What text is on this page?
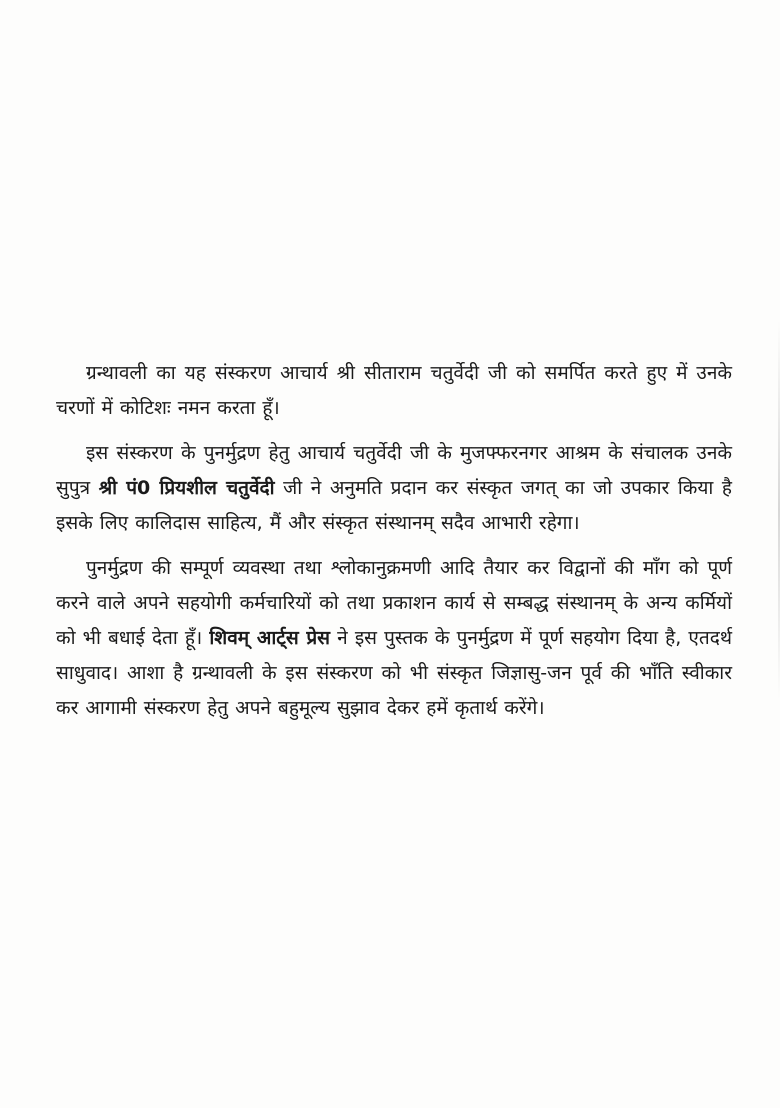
ग्रन्थावली का यह संस्करण आचार्य श्री सीताराम चतुर्वेदी जी को समर्पित करते हुए में उनके चरणों में कोटिशः नमन करता हूँ।

इस संस्करण के पुनर्मुद्रण हेतु आचार्य चतुर्वेदी जी के मुजफ्फरनगर आश्रम के संचालक उनके सुपुत्र श्री पं0 प्रियशील चतुर्वेदी जी ने अनुमति प्रदान कर संस्कृत जगत् का जो उपकार किया है इसके लिए कालिदास साहित्य, मैं और संस्कृत संस्थानम् सदैव आभारी रहेगा।

पुनर्मुद्रण की सम्पूर्ण व्यवस्था तथा श्लोकानुक्रमणी आदि तैयार कर विद्वानों की माँग को पूर्ण करने वाले अपने सहयोगी कर्मचारियों को तथा प्रकाशन कार्य से सम्बद्ध संस्थानम् के अन्य कर्मियों को भी बधाई देता हूँ। शिवम् आर्ट्स प्रेस ने इस पुस्तक के पुनर्मुद्रण में पूर्ण सहयोग दिया है, एतदर्थ साधुवाद। आशा है ग्रन्थावली के इस संस्करण को भी संस्कृत जिज्ञासु-जन पूर्व की भाँति स्वीकार कर आगामी संस्करण हेतु अपने बहुमूल्य सुझाव देकर हमें कृतार्थ करेंगे।
